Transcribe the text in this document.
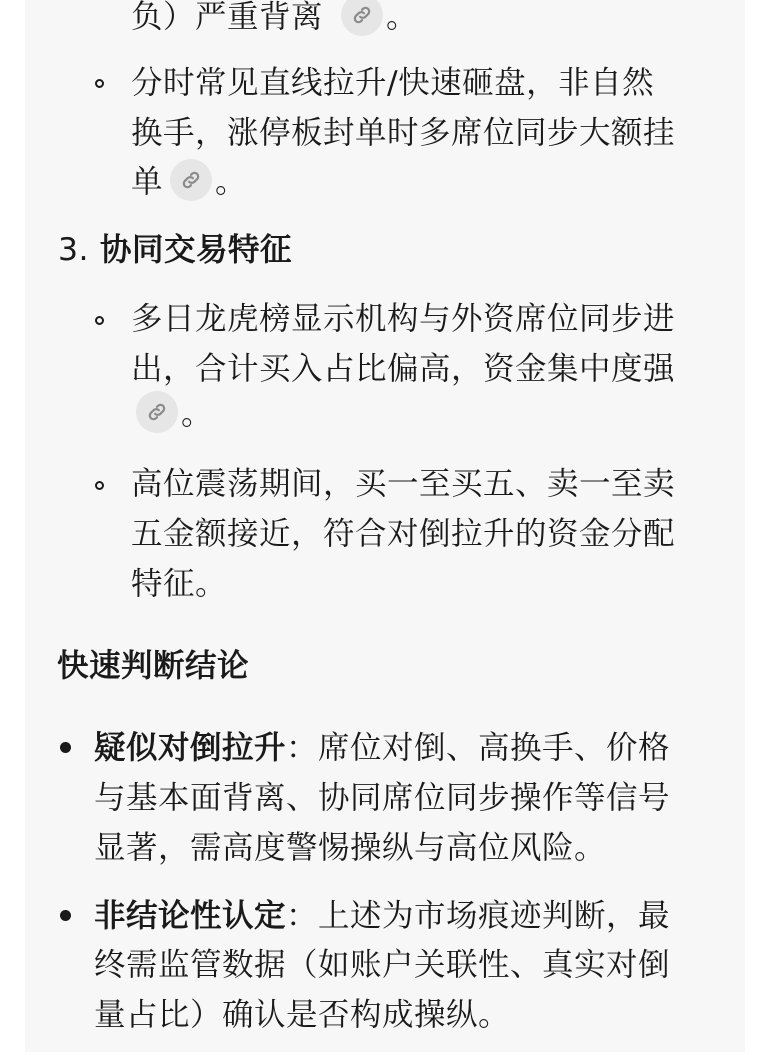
负）严重背离 。
分时常见直线拉升/快速砸盘，非自然
换手，涨停板封单时多席位同步大额挂
单 。
3. 协同交易特征
多日龙虎榜显示机构与外资席位同步进
出，合计买入占比偏高，资金集中度强
。
高位震荡期间，买一至买五、卖一至卖
五金额接近，符合对倒拉升的资金分配
特征。
快速判断结论
疑似对倒拉升：席位对倒、高换手、价格
与基本面背离、协同席位同步操作等信号
显著，需高度警惕操纵与高位风险。
非结论性认定：上述为市场痕迹判断，最
终需监管数据（如账户关联性、真实对倒
量占比）确认是否构成操纵。
